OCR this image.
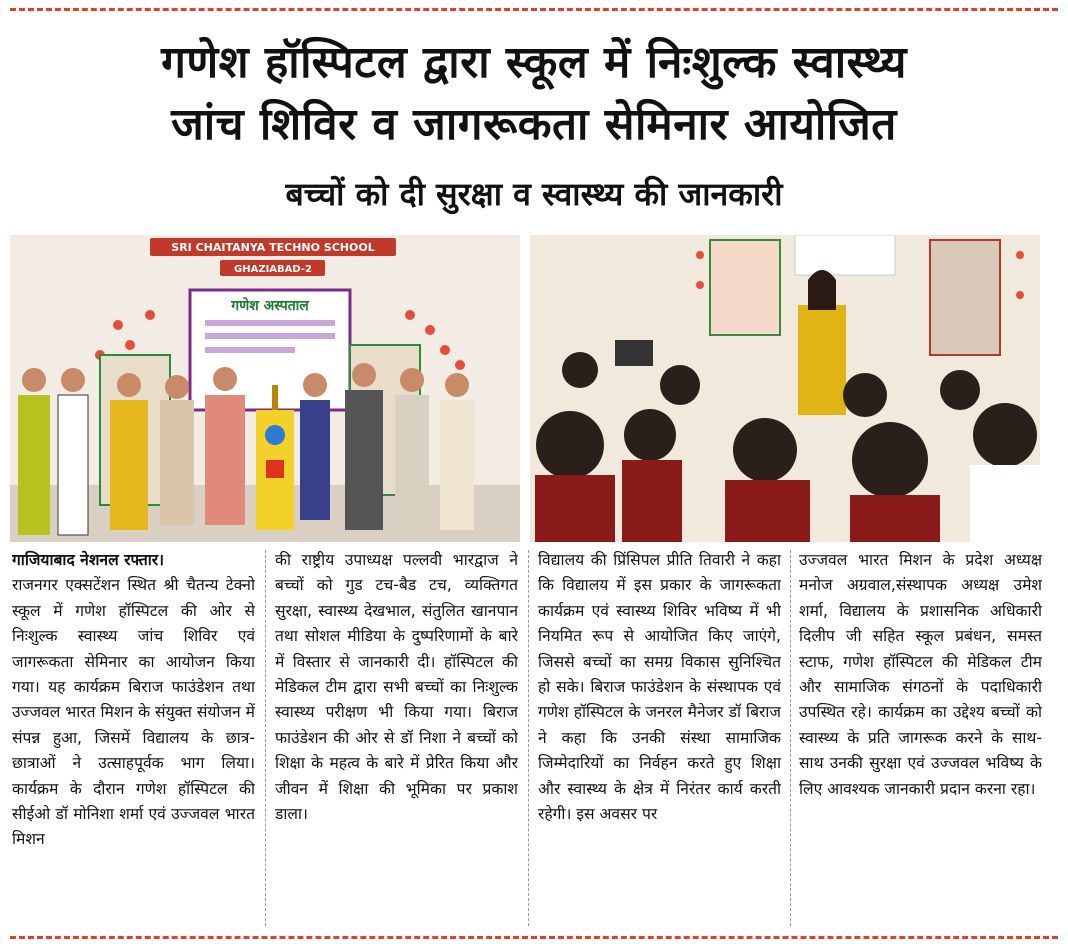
गणेश हॉस्पिटल द्वारा स्कूल में निःशुल्क स्वास्थ्य
जांच शिविर व जागरूकता सेमिनार आयोजित
बच्चों को दी सुरक्षा व स्वास्थ्य की जानकारी
SRI CHAITANYA TECHNO SCHOOL
GHAZIABAD-2
गणेश अस्पताल
गाजियाबाद नेशनल रफ्तार।
राजनगर एक्सटेंशन स्थित श्री चैतन्य टेक्नो स्कूल में गणेश हॉस्पिटल की ओर से निःशुल्क स्वास्थ्य जांच शिविर एवं जागरूकता सेमिनार का आयोजन किया गया। यह कार्यक्रम बिराज फाउंडेशन तथा उज्जवल भारत मिशन के संयुक्त संयोजन में संपन्न हुआ, जिसमें विद्यालय के छात्र-छात्राओं ने उत्साहपूर्वक भाग लिया। कार्यक्रम के दौरान गणेश हॉस्पिटल की सीईओ डॉ मोनिशा शर्मा एवं उज्जवल भारत मिशन
की राष्ट्रीय उपाध्यक्ष पल्लवी भारद्वाज ने बच्चों को गुड टच-बैड टच, व्यक्तिगत सुरक्षा, स्वास्थ्य देखभाल, संतुलित खानपान तथा सोशल मीडिया के दुष्परिणामों के बारे में विस्तार से जानकारी दी। हॉस्पिटल की मेडिकल टीम द्वारा सभी बच्चों का निःशुल्क स्वास्थ्य परीक्षण भी किया गया। बिराज फाउंडेशन की ओर से डॉ निशा ने बच्चों को शिक्षा के महत्व के बारे में प्रेरित किया और जीवन में शिक्षा की भूमिका पर प्रकाश डाला।
विद्यालय की प्रिंसिपल प्रीति तिवारी ने कहा कि विद्यालय में इस प्रकार के जागरूकता कार्यक्रम एवं स्वास्थ्य शिविर भविष्य में भी नियमित रूप से आयोजित किए जाएंगे, जिससे बच्चों का समग्र विकास सुनिश्चित हो सके। बिराज फाउंडेशन के संस्थापक एवं गणेश हॉस्पिटल के जनरल मैनेजर डॉ बिराज ने कहा कि उनकी संस्था सामाजिक जिम्मेदारियों का निर्वहन करते हुए शिक्षा और स्वास्थ्य के क्षेत्र में निरंतर कार्य करती रहेगी। इस अवसर पर
उज्जवल भारत मिशन के प्रदेश अध्यक्ष मनोज अग्रवाल,संस्थापक अध्यक्ष उमेश शर्मा, विद्यालय के प्रशासनिक अधिकारी दिलीप जी सहित स्कूल प्रबंधन, समस्त स्टाफ, गणेश हॉस्पिटल की मेडिकल टीम और सामाजिक संगठनों के पदाधिकारी उपस्थित रहे। कार्यक्रम का उद्देश्य बच्चों को स्वास्थ्य के प्रति जागरूक करने के साथ-साथ उनकी सुरक्षा एवं उज्जवल भविष्य के लिए आवश्यक जानकारी प्रदान करना रहा।
